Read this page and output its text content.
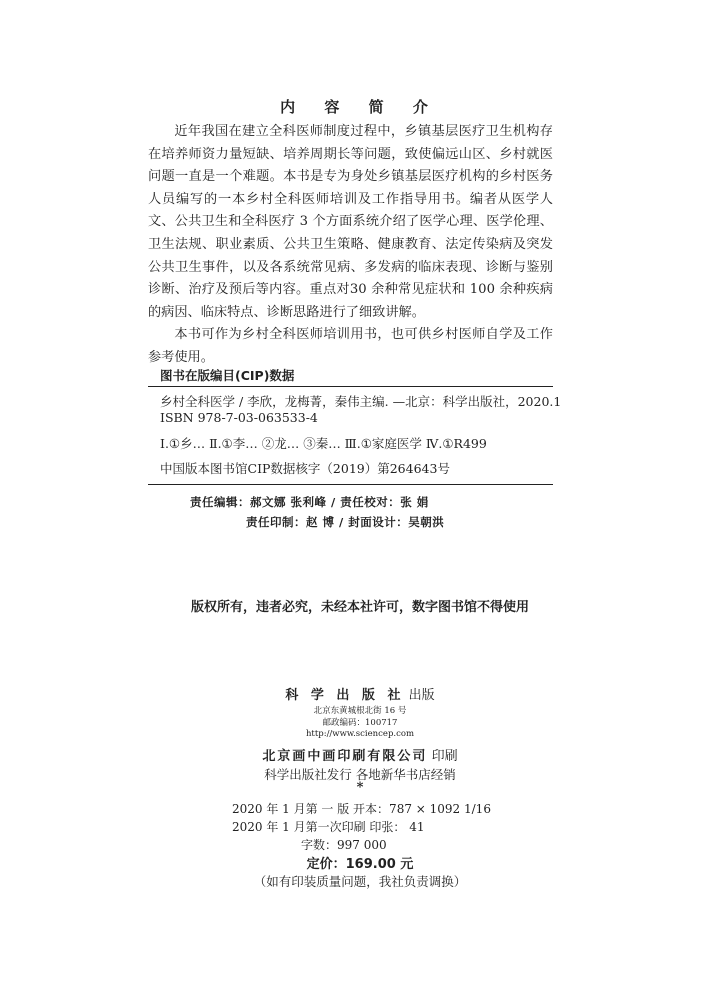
内 容 简 介

近年我国在建立全科医师制度过程中，乡镇基层医疗卫生机构存在培养师资力量短缺、培养周期长等问题，致使偏远山区、乡村就医问题一直是一个难题。本书是专为身处乡镇基层医疗机构的乡村医务人员编写的一本乡村全科医师培训及工作指导用书。编者从医学人文、公共卫生和全科医疗 3 个方面系统介绍了医学心理、医学伦理、卫生法规、职业素质、公共卫生策略、健康教育、法定传染病及突发公共卫生事件，以及各系统常见病、多发病的临床表现、诊断与鉴别诊断、治疗及预后等内容。重点对30 余种常见症状和 100 余种疾病的病因、临床特点、诊断思路进行了细致讲解。

本书可作为乡村全科医师培训用书，也可供乡村医师自学及工作参考使用。

图书在版编目(CIP)数据
乡村全科医学 / 李欣，龙梅菁，秦伟主编. —北京：科学出版社，2020.1
ISBN 978-7-03-063533-4
Ⅰ.①乡… Ⅱ.①李… ②龙… ③秦… Ⅲ.①家庭医学 Ⅳ.①R499
中国版本图书馆CIP数据核字（2019）第264643号
责任编辑：郝文娜 张利峰 / 责任校对：张 娟
责任印制：赵 博 / 封面设计：吴朝洪
版权所有，违者必究，未经本社许可，数字图书馆不得使用
科 学 出 版 社 出版
北京东黄城根北街 16 号
邮政编码：100717
http://www.sciencep.com
北京画中画印刷有限公司 印刷
科学出版社发行 各地新华书店经销
*
2020 年 1 月第 一 版 开本：787 × 1092 1/16
2020 年 1 月第一次印刷 印张： 41
字数：997 000
定价：169.00 元
（如有印装质量问题，我社负责调换）
